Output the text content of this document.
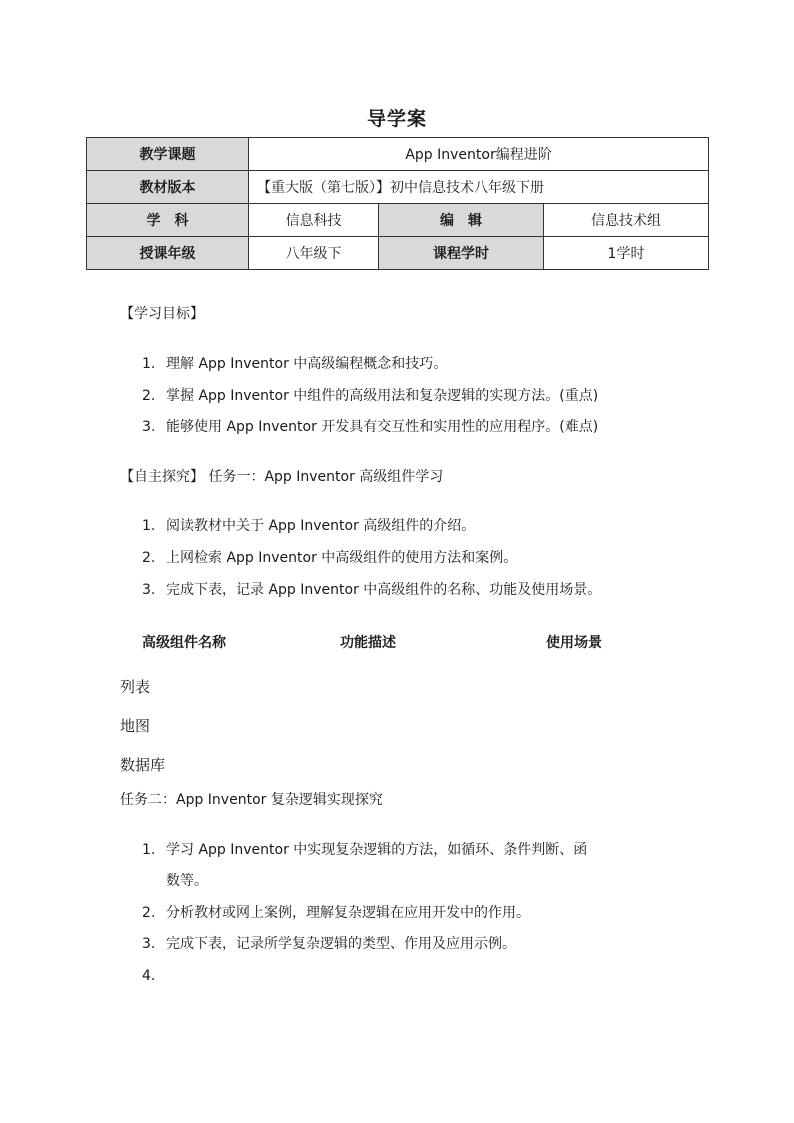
导学案
教学课题	App Inventor编程进阶		
教材版本	【重大版（第七版）】初中信息技术八年级下册		
学　科	信息科技	编　辑	信息技术组
授课年级	八年级下	课程学时	1学时
【学习目标】
1. 理解 App Inventor 中高级编程概念和技巧。
2. 掌握 App Inventor 中组件的高级用法和复杂逻辑的实现方法。(重点)
3. 能够使用 App Inventor 开发具有交互性和实用性的应用程序。(难点)
【自主探究】 任务一：App Inventor 高级组件学习
1. 阅读教材中关于 App Inventor 高级组件的介绍。
2. 上网检索 App Inventor 中高级组件的使用方法和案例。
3. 完成下表，记录 App Inventor 中高级组件的名称、功能及使用场景。
高级组件名称	功能描述	使用场景
列表
地图
数据库
任务二：App Inventor 复杂逻辑实现探究
1. 学习 App Inventor 中实现复杂逻辑的方法，如循环、条件判断、函
数等。
2. 分析教材或网上案例，理解复杂逻辑在应用开发中的作用。
3. 完成下表，记录所学复杂逻辑的类型、作用及应用示例。
4.
